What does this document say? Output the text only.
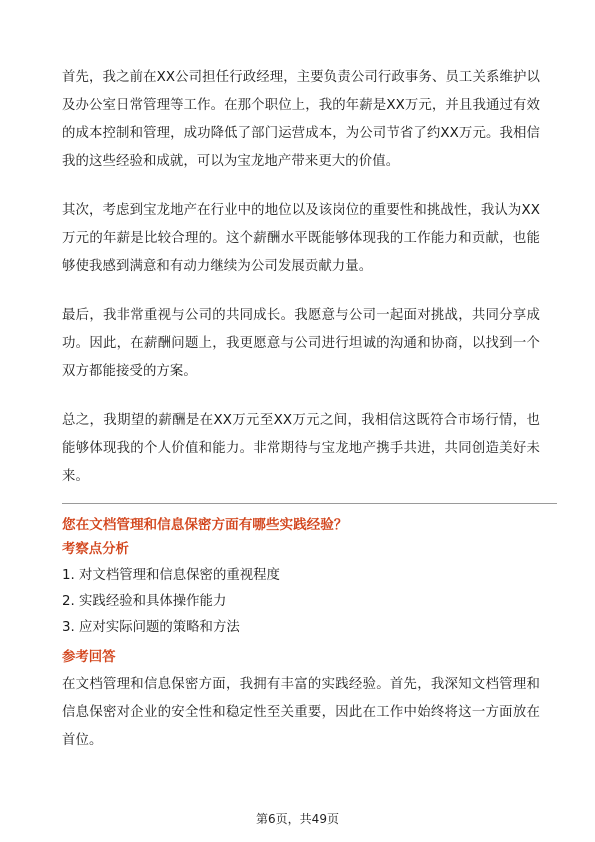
首先，我之前在XX公司担任行政经理，主要负责公司行政事务、员工关系维护以及办公室日常管理等工作。在那个职位上，我的年薪是XX万元，并且我通过有效的成本控制和管理，成功降低了部门运营成本，为公司节省了约XX万元。我相信我的这些经验和成就，可以为宝龙地产带来更大的价值。

其次，考虑到宝龙地产在行业中的地位以及该岗位的重要性和挑战性，我认为XX万元的年薪是比较合理的。这个薪酬水平既能够体现我的工作能力和贡献，也能够使我感到满意和有动力继续为公司发展贡献力量。

最后，我非常重视与公司的共同成长。我愿意与公司一起面对挑战，共同分享成功。因此，在薪酬问题上，我更愿意与公司进行坦诚的沟通和协商，以找到一个双方都能接受的方案。

总之，我期望的薪酬是在XX万元至XX万元之间，我相信这既符合市场行情，也能够体现我的个人价值和能力。非常期待与宝龙地产携手共进，共同创造美好未来。

您在文档管理和信息保密方面有哪些实践经验？

考察点分析

1. 对文档管理和信息保密的重视程度
2. 实践经验和具体操作能力
3. 应对实际问题的策略和方法

参考回答

在文档管理和信息保密方面，我拥有丰富的实践经验。首先，我深知文档管理和信息保密对企业的安全性和稳定性至关重要，因此在工作中始终将这一方面放在首位。

第6页，共49页
